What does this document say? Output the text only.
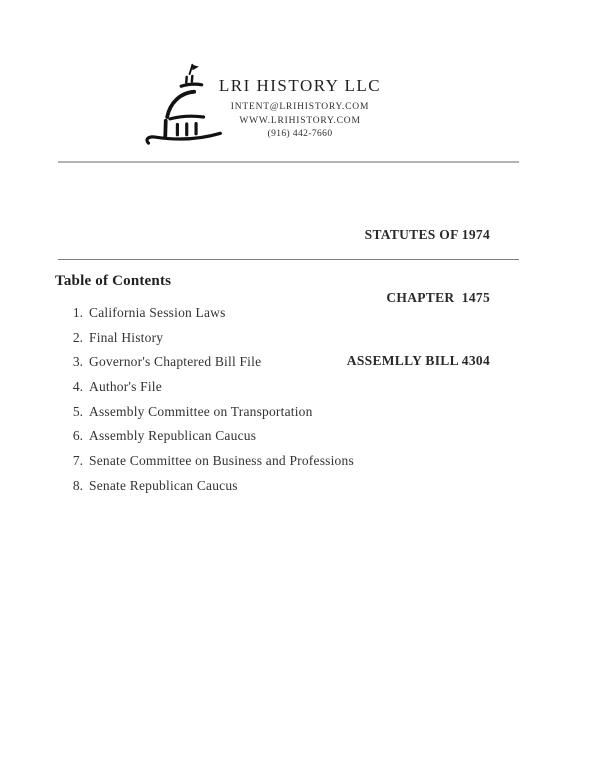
LRI HISTORY LLC
INTENT@LRIHISTORY.COM
WWW.LRIHISTORY.COM
(916) 442-7660

STATUTES OF 1974

CHAPTER  1475

ASSEMLLY BILL 4304

Table of Contents
1. California Session Laws
2. Final History
3. Governor's Chaptered Bill File
4. Author's File
5. Assembly Committee on Transportation
6. Assembly Republican Caucus
7. Senate Committee on Business and Professions
8. Senate Republican Caucus
